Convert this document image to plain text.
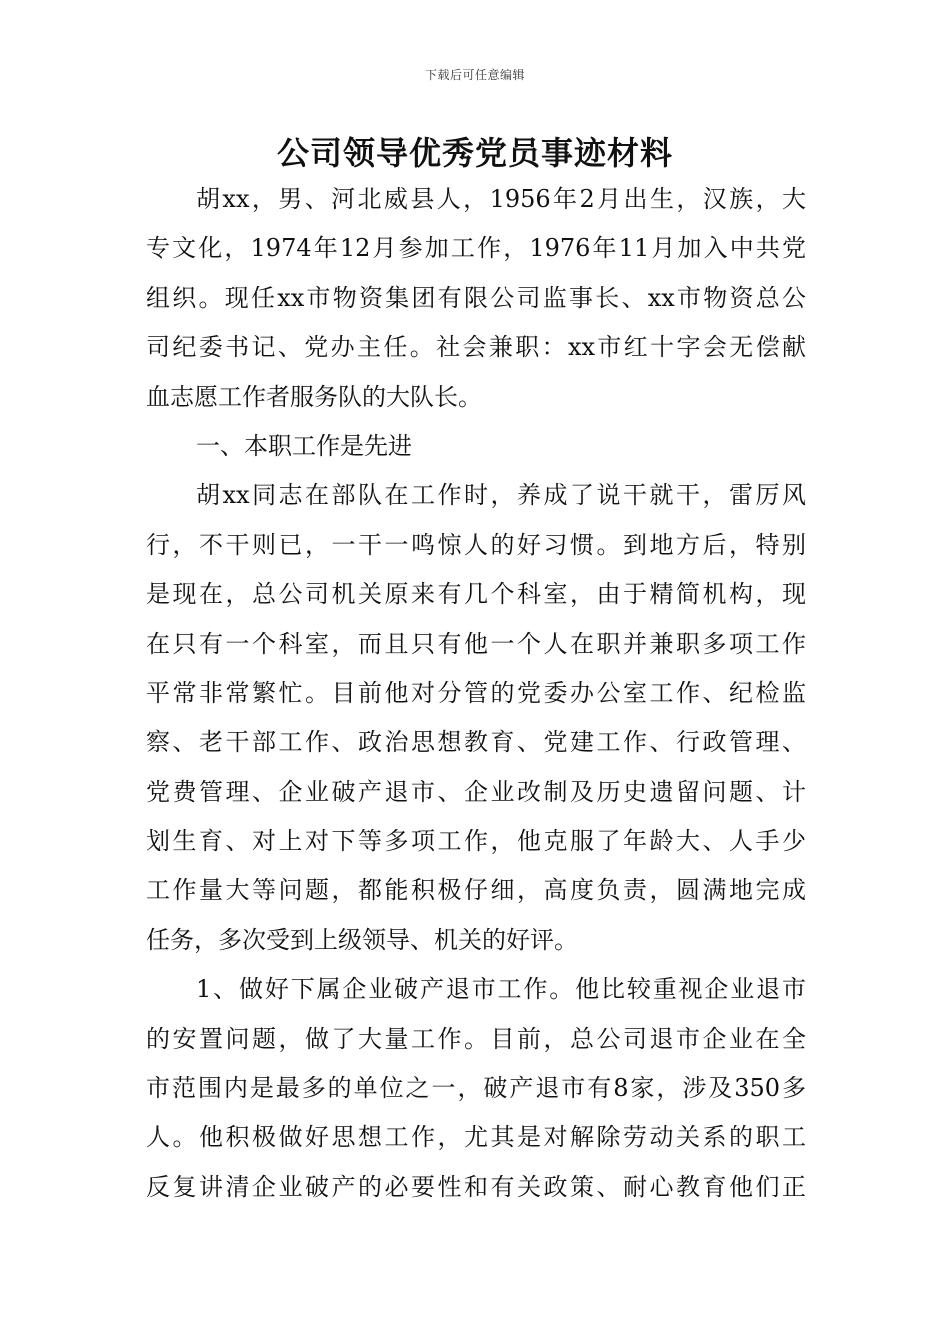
下载后可任意编辑
公司领导优秀党员事迹材料
胡xx，男、河北威县人，1956年2月出生，汉族，大
专文化，1974年12月参加工作，1976年11月加入中共党
组织。现任xx市物资集团有限公司监事长、xx市物资总公
司纪委书记、党办主任。社会兼职：xx市红十字会无偿献
血志愿工作者服务队的大队长。
一、本职工作是先进
胡xx同志在部队在工作时，养成了说干就干，雷厉风
行，不干则已，一干一鸣惊人的好习惯。到地方后，特别
是现在，总公司机关原来有几个科室，由于精简机构，现
在只有一个科室，而且只有他一个人在职并兼职多项工作
平常非常繁忙。目前他对分管的党委办公室工作、纪检监
察、老干部工作、政治思想教育、党建工作、行政管理、
党费管理、企业破产退市、企业改制及历史遗留问题、计
划生育、对上对下等多项工作，他克服了年龄大、人手少
工作量大等问题，都能积极仔细，高度负责，圆满地完成
任务，多次受到上级领导、机关的好评。
1、做好下属企业破产退市工作。他比较重视企业退市
的安置问题，做了大量工作。目前，总公司退市企业在全
市范围内是最多的单位之一，破产退市有8家，涉及350多
人。他积极做好思想工作，尤其是对解除劳动关系的职工
反复讲清企业破产的必要性和有关政策、耐心教育他们正
